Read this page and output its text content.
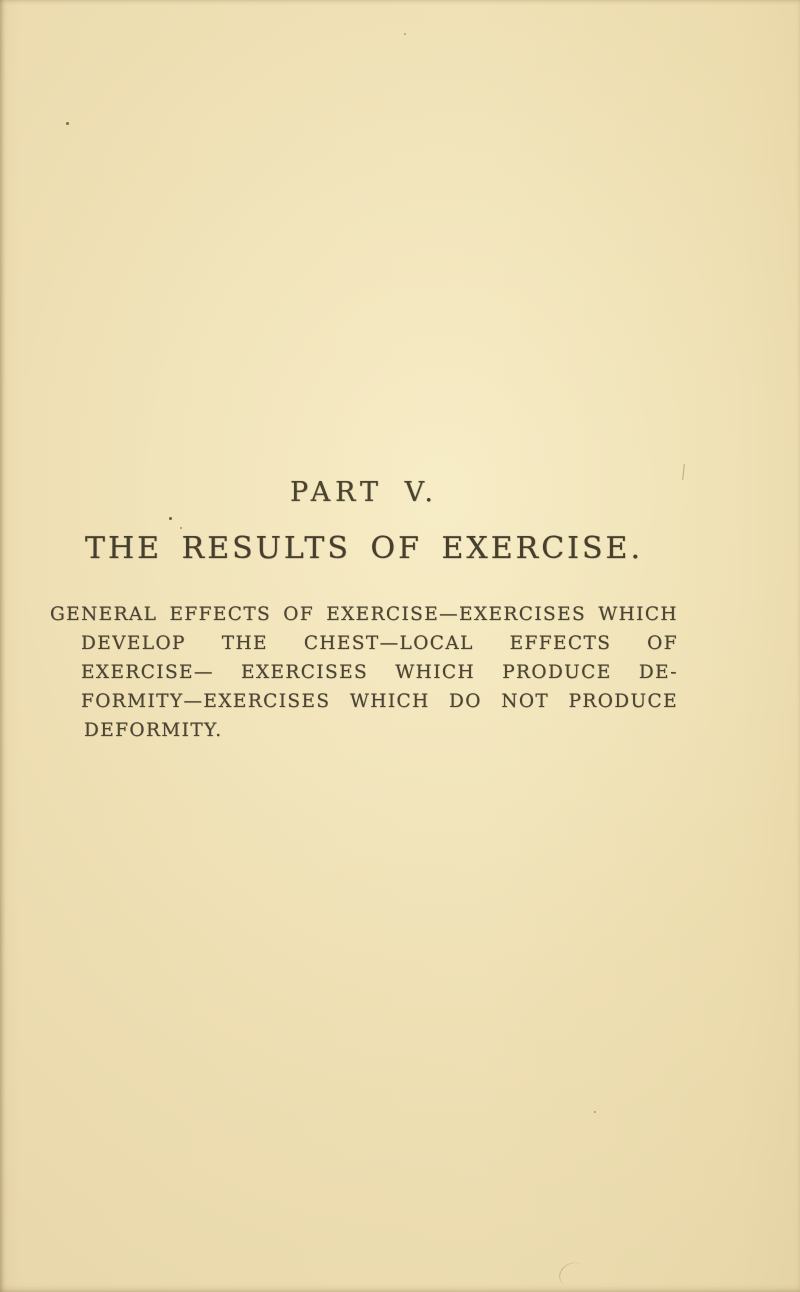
PART V.
THE RESULTS OF EXERCISE.
GENERAL EFFECTS OF EXERCISE—EXERCISES WHICH
DEVELOP THE CHEST—LOCAL EFFECTS OF
EXERCISE— EXERCISES WHICH PRODUCE DE-
FORMITY—EXERCISES WHICH DO NOT PRODUCE
DEFORMITY.
